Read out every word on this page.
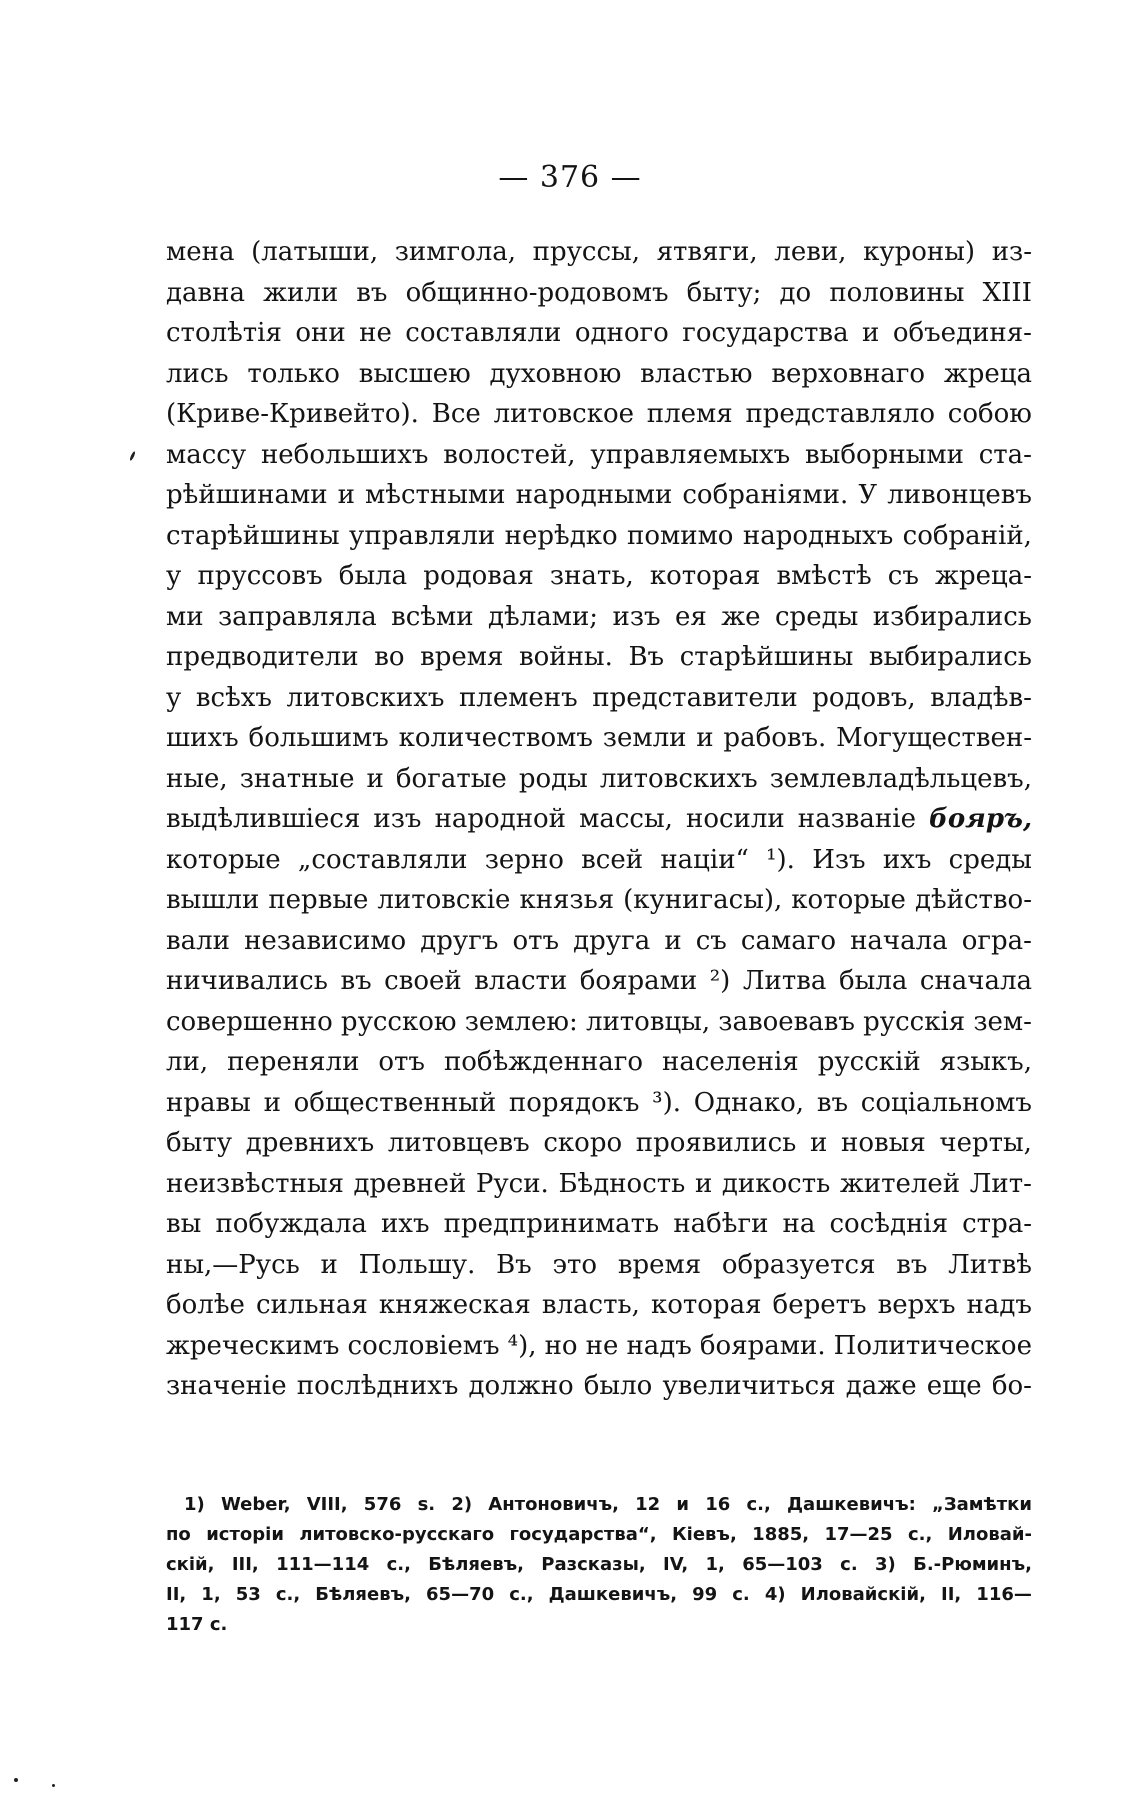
— 376 —
мена (латыши, зимгола, пруссы, ятвяги, леви, куроны) из-
давна жили въ общинно-родовомъ быту; до половины XIII
столѣтія они не составляли одного государства и объединя-
лись только высшею духовною властью верховнаго жреца
(Криве-Кривейто). Все литовское племя представляло собою
массу небольшихъ волостей, управляемыхъ выборными ста-
рѣйшинами и мѣстными народными собраніями. У ливонцевъ
старѣйшины управляли нерѣдко помимо народныхъ собраній,
у пруссовъ была родовая знать, которая вмѣстѣ съ жреца-
ми заправляла всѣми дѣлами; изъ ея же среды избирались
предводители во время войны. Въ старѣйшины выбирались
у всѣхъ литовскихъ племенъ представители родовъ, владѣв-
шихъ большимъ количествомъ земли и рабовъ. Могуществен-
ные, знатные и богатые роды литовскихъ землевладѣльцевъ,
выдѣлившіеся изъ народной массы, носили названіе бояръ,
которые „составляли зерно всей націи“ ¹). Изъ ихъ среды
вышли первые литовскіе князья (кунигасы), которые дѣйство-
вали независимо другъ отъ друга и съ самаго начала огра-
ничивались въ своей власти боярами ²) Литва была сначала
совершенно русскою землею: литовцы, завоевавъ русскія зем-
ли, переняли отъ побѣжденнаго населенія русскій языкъ,
нравы и общественный порядокъ ³). Однако, въ соціальномъ
быту древнихъ литовцевъ скоро проявились и новыя черты,
неизвѣстныя древней Руси. Бѣдность и дикость жителей Лит-
вы побуждала ихъ предпринимать набѣги на сосѣднія стра-
ны,—Русь и Польшу. Въ это время образуется въ Литвѣ
болѣе сильная княжеская власть, которая беретъ верхъ надъ
жреческимъ сословіемъ ⁴), но не надъ боярами. Политическое
значеніе послѣднихъ должно было увеличиться даже еще бо-
1) Weber, VIII, 576 s. 2) Антоновичъ, 12 и 16 с., Дашкевичъ: „Замѣтки
по исторіи литовско-русскаго государства“, Кіевъ, 1885, 17—25 с., Иловай-
скій, III, 111—114 с., Бѣляевъ, Разсказы, IV, 1, 65—103 с. 3) Б.-Рюминъ,
II, 1, 53 с., Бѣляевъ, 65—70 с., Дашкевичъ, 99 с. 4) Иловайскій, II, 116—
117 с.
